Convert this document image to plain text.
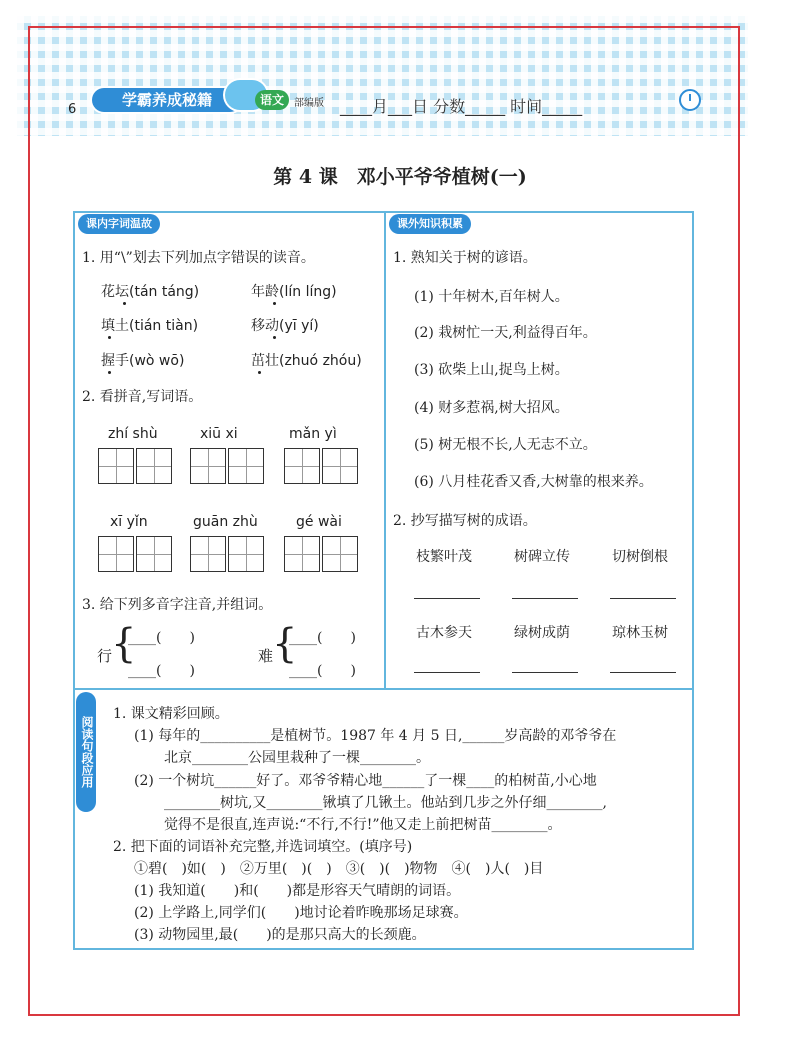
6
学霸养成秘籍	语文	部编版 ____月___日 分数_____ 时间_____
第 4 课　邓小平爷爷植树(一)
课内字词温故
1. 用“\”划去下列加点字错误的读音。
花坛(tán táng)	年龄(lín líng)
填土(tián tiàn)	移动(yī yí)
握手(wò wō)	茁壮(zhuó zhóu)
2. 看拼音,写词语。
zhí shù	xiū xi	mǎn yì
xī yǐn	guān zhù	gé wài
3. 给下列多音字注音,并组词。
行
{
____(　　)
____(　　)
难
{
____(　　)
____(　　)
课外知识积累
1. 熟知关于树的谚语。
(1) 十年树木,百年树人。
(2) 栽树忙一天,利益得百年。
(3) 砍柴上山,捉鸟上树。
(4) 财多惹祸,树大招风。
(5) 树无根不长,人无志不立。
(6) 八月桂花香又香,大树靠的根来养。
2. 抄写描写树的成语。
枝繁叶茂	树碑立传	切树倒根
古木参天	绿树成荫	琼林玉树
阅读句段应用
1. 课文精彩回顾。
(1) 每年的__________是植树节。1987 年 4 月 5 日,______岁高龄的邓爷爷在
北京________公园里栽种了一棵________。
(2) 一个树坑______好了。邓爷爷精心地______了一棵____的柏树苗,小心地
________树坑,又________锹填了几锹土。他站到几步之外仔细________,
觉得不是很直,连声说:“不行,不行!”他又走上前把树苗________。
2. 把下面的词语补充完整,并选词填空。(填序号)
①碧(　)如(　)　②万里(　)(　)　③(　)(　)物物　④(　)人(　)目
(1) 我知道(　　)和(　　)都是形容天气晴朗的词语。
(2) 上学路上,同学们(　　)地讨论着昨晚那场足球赛。
(3) 动物园里,最(　　)的是那只高大的长颈鹿。
